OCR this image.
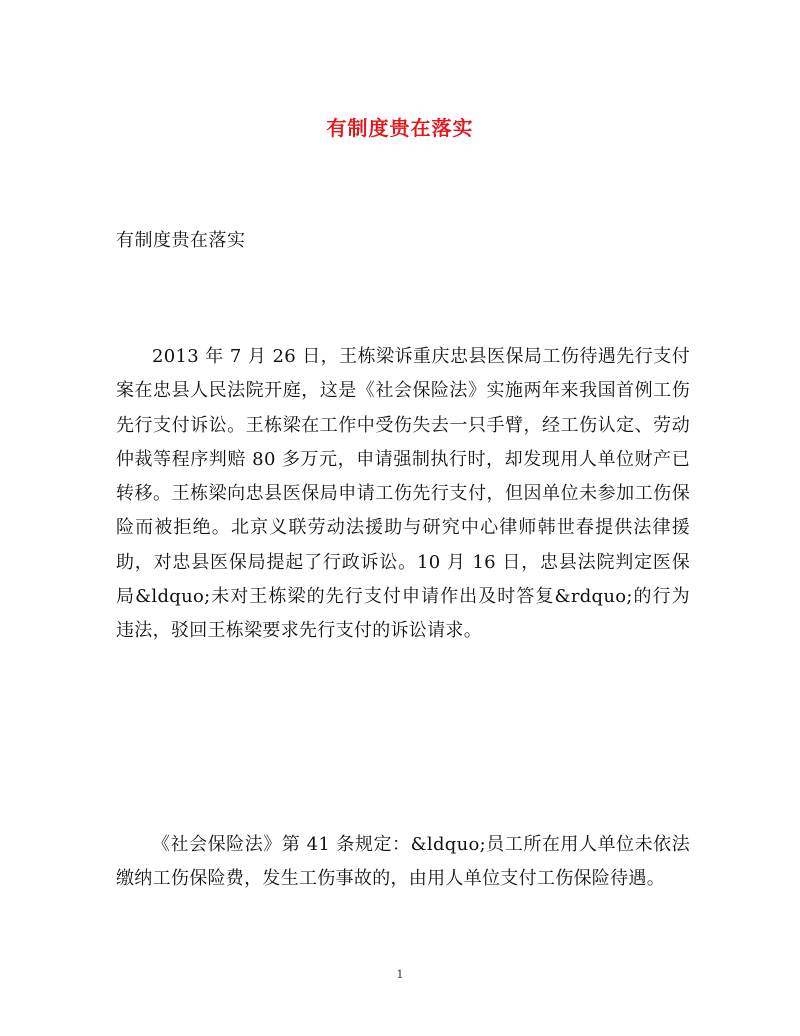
有制度贵在落实
有制度贵在落实
2013 年 7 月 26 日，王栋梁诉重庆忠县医保局工伤待遇先行支付案在忠县人民法院开庭，这是《社会保险法》实施两年来我国首例工伤先行支付诉讼。王栋梁在工作中受伤失去一只手臂，经工伤认定、劳动仲裁等程序判赔 80 多万元，申请强制执行时，却发现用人单位财产已转移。王栋梁向忠县医保局申请工伤先行支付，但因单位未参加工伤保险而被拒绝。北京义联劳动法援助与研究中心律师韩世春提供法律援助，对忠县医保局提起了行政诉讼。10 月 16 日，忠县法院判定医保局&ldquo;未对王栋梁的先行支付申请作出及时答复&rdquo;的行为违法，驳回王栋梁要求先行支付的诉讼请求。
《社会保险法》第 41 条规定：&ldquo;员工所在用人单位未依法缴纳工伤保险费，发生工伤事故的，由用人单位支付工伤保险待遇。
1
